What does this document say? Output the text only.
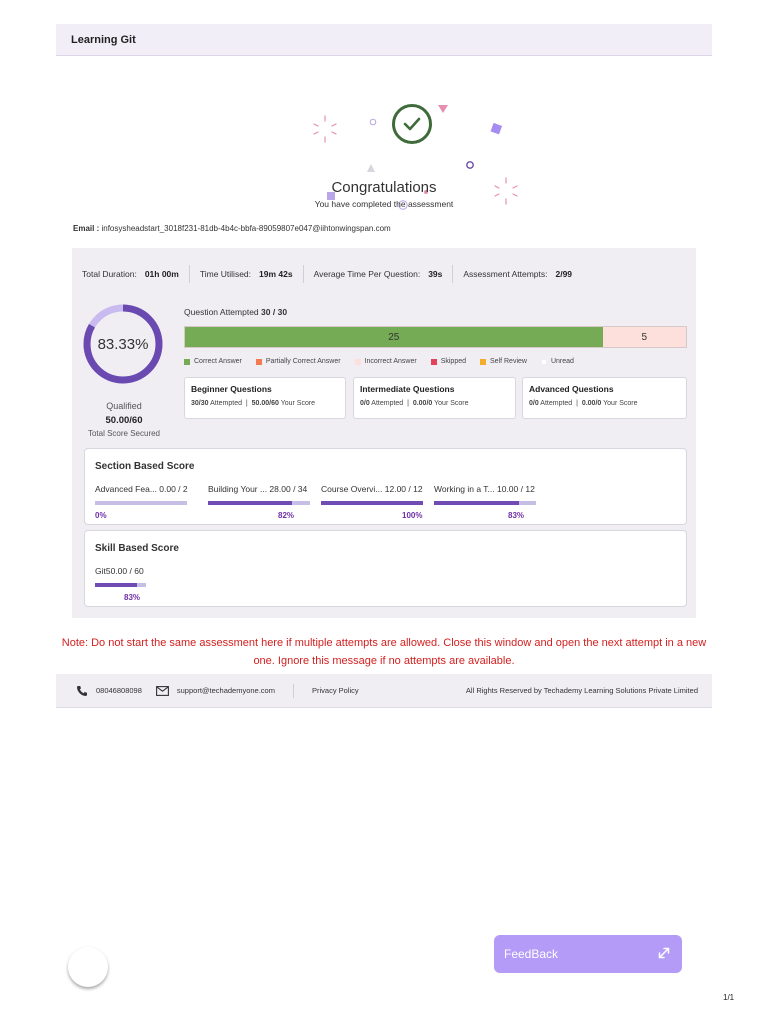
Learning Git
Congratulations
You have completed the assessment
Email : infosysheadstart_3018f231-81db-4b4c-bbfa-89059807e047@iihtonwingspan.com
Total Duration: 01h 00m Time Utilised: 19m 42s Average Time Per Question: 39s Assessment Attempts: 2/99
83.33%
Qualified
50.00/60
Total Score Secured
Question Attempted 30 / 30
25	5
Correct Answer	Partially Correct Answer	Incorrect Answer	Skipped	Self Review	Unread
Beginner Questions
30/30 Attempted  |  50.00/60 Your Score
Intermediate Questions
0/0 Attempted  |  0.00/0 Your Score
Advanced Questions
0/0 Attempted  |  0.00/0 Your Score
Section Based Score
Advanced Fea... 0.00 / 2
0%
Building Your ... 28.00 / 34
82%
Course Overvi... 12.00 / 12
100%
Working in a T... 10.00 / 12
83%
Skill Based Score
Git50.00 / 60
83%
Note: Do not start the same assessment here if multiple attempts are allowed. Close this window and open the next attempt in a new one. Ignore this message if no attempts are available.
08046808098	support@techademyone.com	Privacy Policy	All Rights Reserved by Techademy Learning Solutions Private Limited
FeedBack
1/1
